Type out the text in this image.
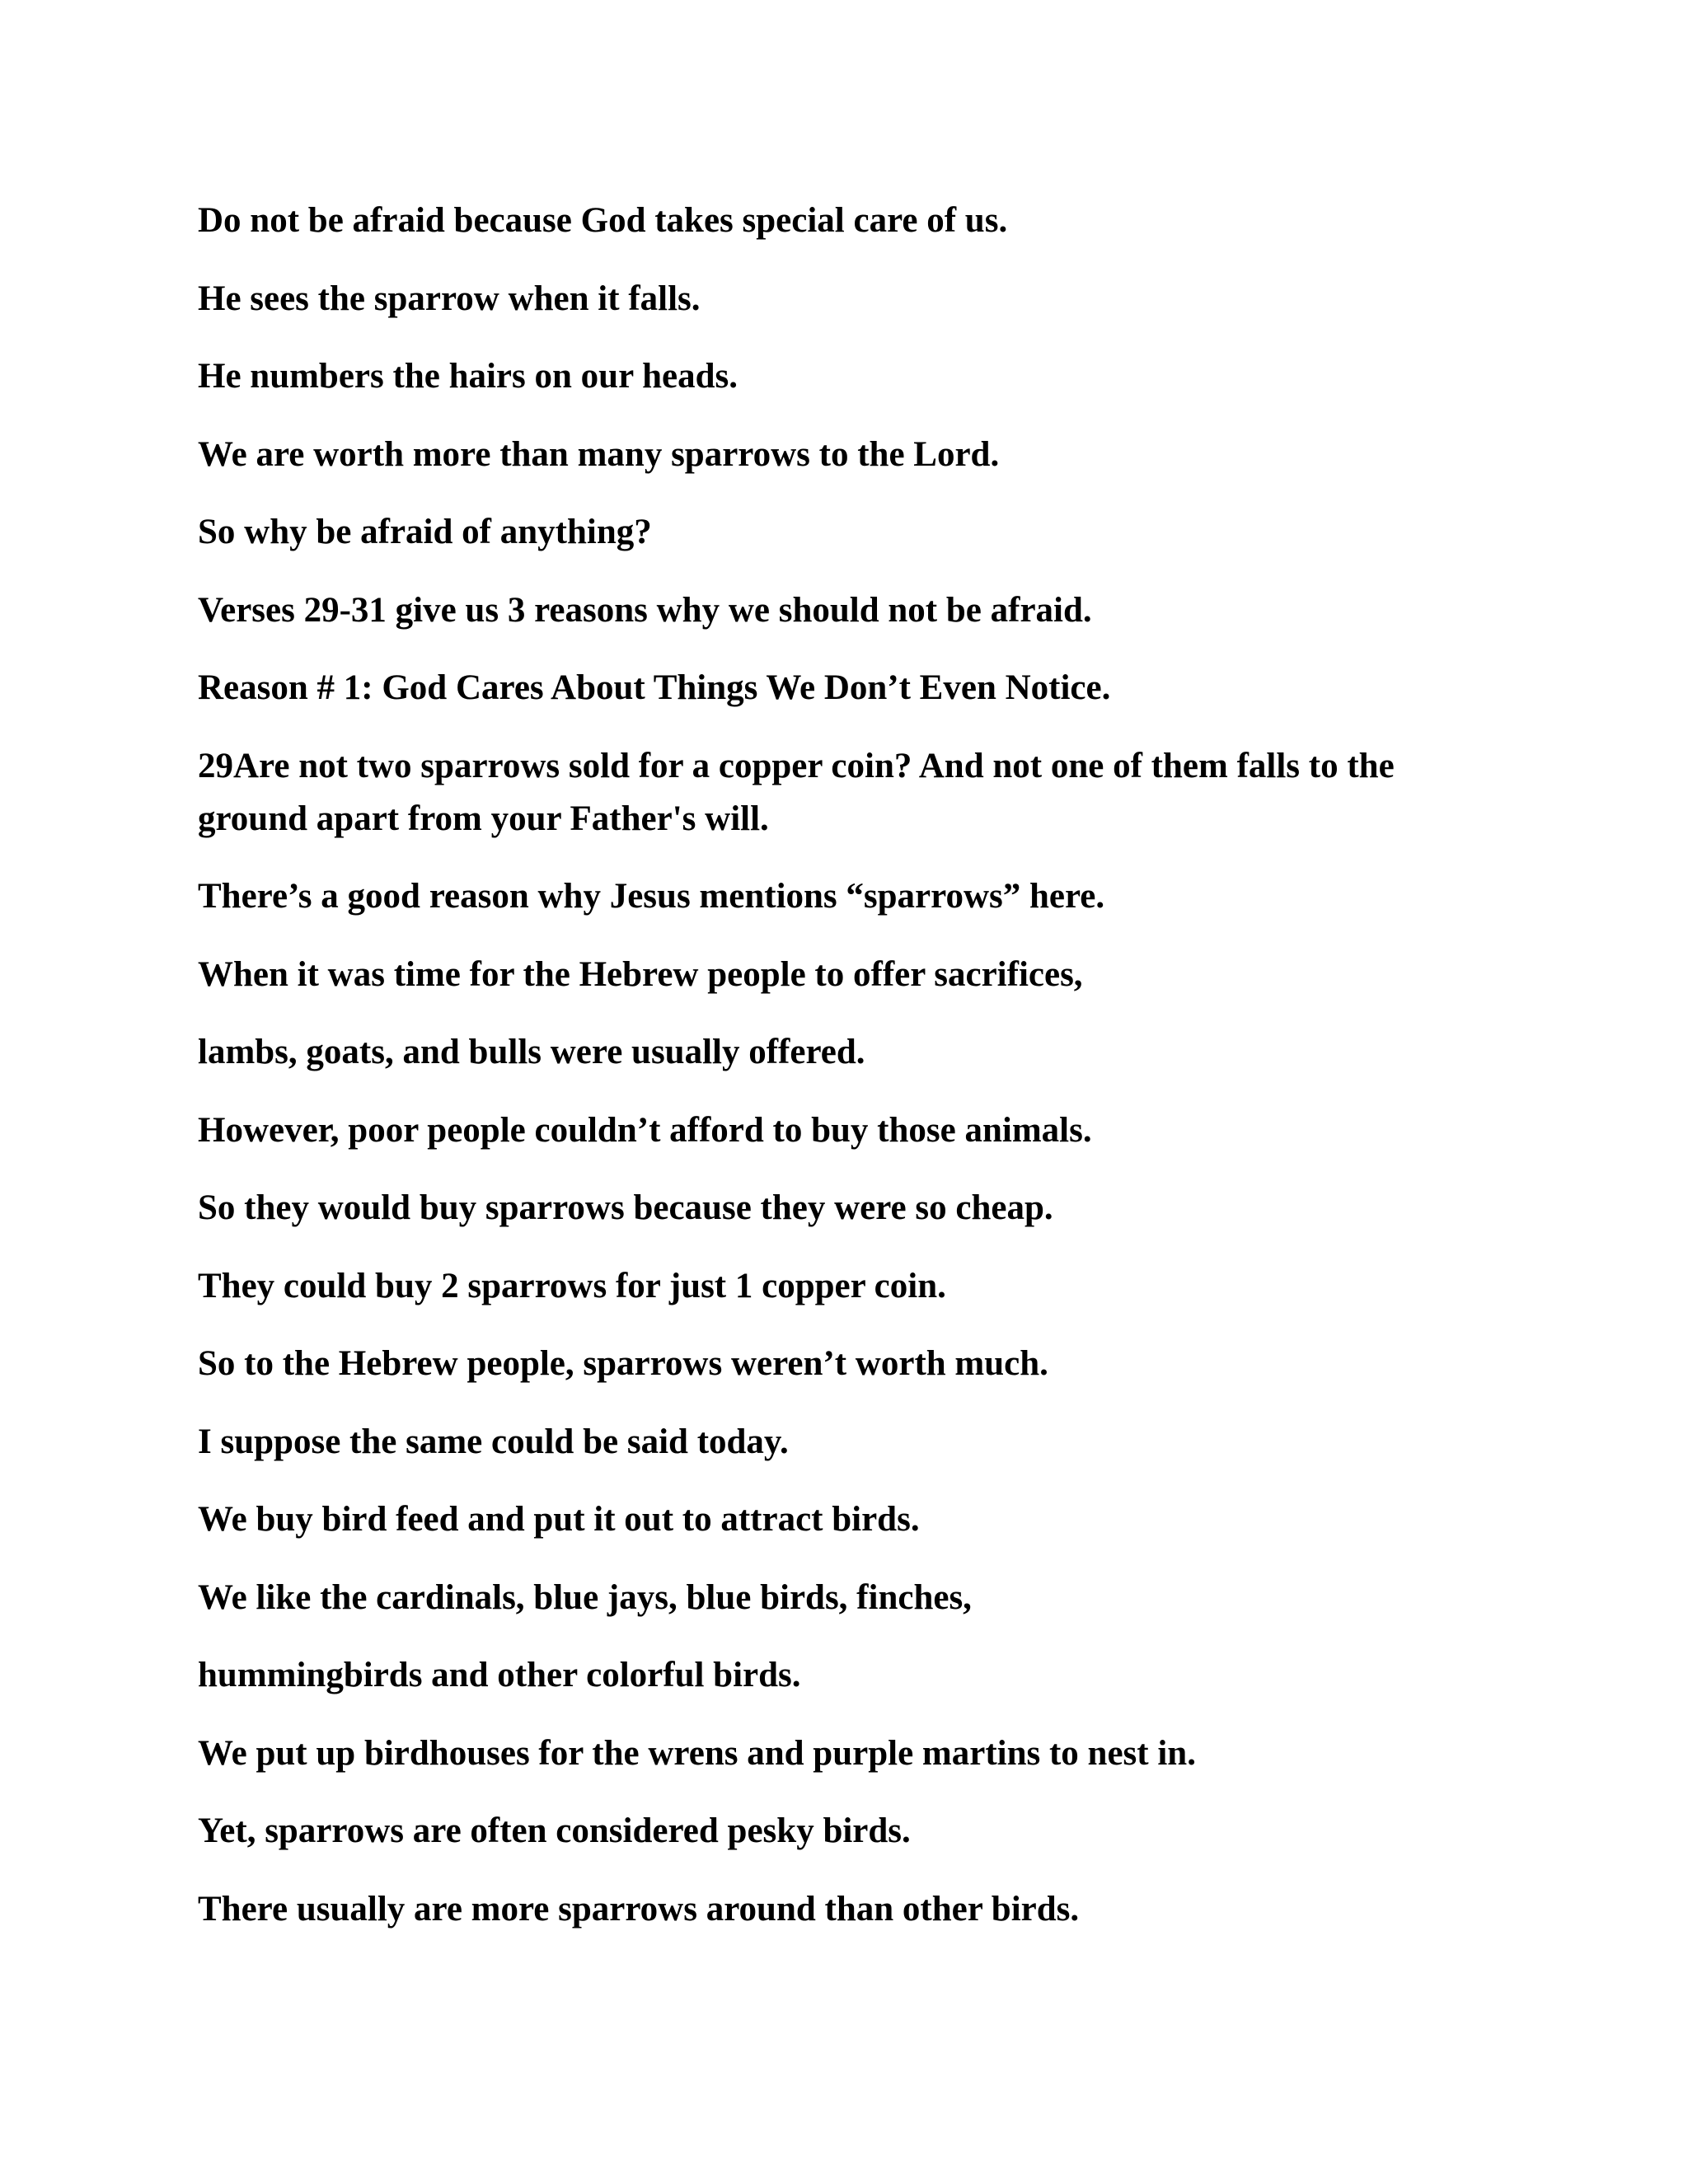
Do not be afraid because God takes special care of us.

He sees the sparrow when it falls.

He numbers the hairs on our heads.

We are worth more than many sparrows to the Lord.

So why be afraid of anything?

Verses 29-31 give us 3 reasons why we should not be afraid.

Reason # 1: God Cares About Things We Don’t Even Notice.

29Are not two sparrows sold for a copper coin? And not one of them falls to the ground apart from your Father's will.

There’s a good reason why Jesus mentions “sparrows” here.

When it was time for the Hebrew people to offer sacrifices,

lambs, goats, and bulls were usually offered.

However, poor people couldn’t afford to buy those animals.

So they would buy sparrows because they were so cheap.

They could buy 2 sparrows for just 1 copper coin.

So to the Hebrew people, sparrows weren’t worth much.

I suppose the same could be said today.

We buy bird feed and put it out to attract birds.

We like the cardinals, blue jays, blue birds, finches,

hummingbirds and other colorful birds.

We put up birdhouses for the wrens and purple martins to nest in.

Yet, sparrows are often considered pesky birds.

There usually are more sparrows around than other birds.
